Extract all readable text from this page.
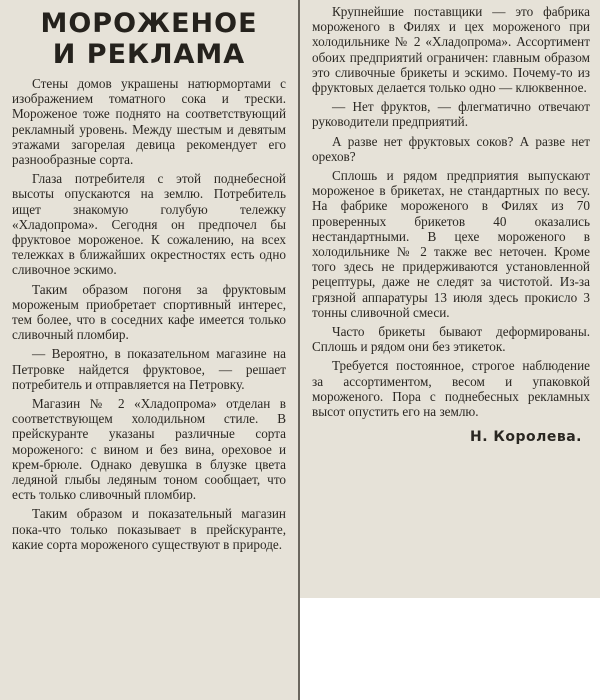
МОРОЖЕНОЕ
И РЕКЛАМА

Стены домов украшены натюрмортами с изображением томатного сока и трески. Мороженое тоже поднято на соответствующий рекламный уровень. Между шестым и девятым этажами загорелая девица рекомендует его разнообразные сорта.

Глаза потребителя с этой поднебесной высоты опускаются на землю. Потребитель ищет знакомую голубую тележку «Хладопрома». Сегодня он предпочел бы фруктовое мороженое. К сожалению, на всех тележках в ближайших окрестностях есть одно сливочное эскимо.

Таким образом погоня за фруктовым мороженым приобретает спортивный интерес, тем более, что в соседних кафе имеется только сливочный пломбир.

— Вероятно, в показательном магазине на Петровке найдется фруктовое, — решает потребитель и отправляется на Петровку.

Магазин № 2 «Хладопрома» отделан в соответствующем холодильном стиле. В прейскуранте указаны различные сорта мороженого: с вином и без вина, ореховое и крем-брюле. Однако девушка в блузке цвета ледяной глыбы ледяным тоном сообщает, что есть только сливочный пломбир.

Таким образом и показательный магазин пока-что только показывает в прейскуранте, какие сорта мороженого существуют в природе.

Крупнейшие поставщики — это фабрика мороженого в Филях и цех мороженого при холодильнике № 2 «Хладопрома». Ассортимент обоих предприятий ограничен: главным образом это сливочные брикеты и эскимо. Почему-то из фруктовых делается только одно — клюквенное.

— Нет фруктов, — флегматично отвечают руководители предприятий.

А разве нет фруктовых соков? А разве нет орехов?

Сплошь и рядом предприятия выпускают мороженое в брикетах, не стандартных по весу. На фабрике мороженого в Филях из 70 проверенных брикетов 40 оказались нестандартными. В цехе мороженого в холодильнике № 2 также вес неточен. Кроме того здесь не придерживаются установленной рецептуры, даже не следят за чистотой. Из-за грязной аппаратуры 13 июля здесь прокисло 3 тонны сливочной смеси.

Часто брикеты бывают деформированы. Сплошь и рядом они без этикеток.

Требуется постоянное, строгое наблюдение за ассортиментом, весом и упаковкой мороженого. Пора с поднебесных рекламных высот опустить его на землю.

Н. Королева.
